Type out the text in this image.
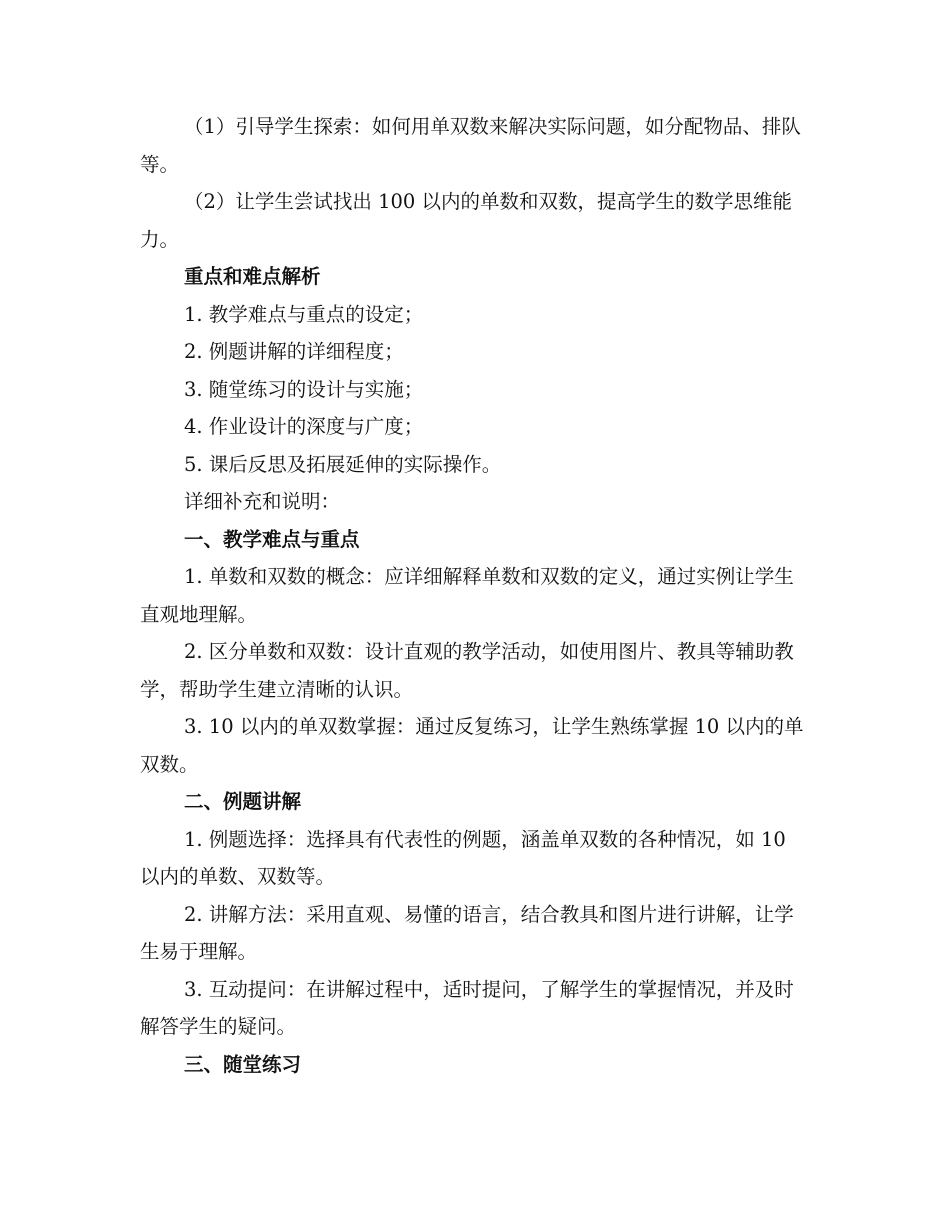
（1）引导学生探索：如何用单双数来解决实际问题，如分配物品、排队等。

（2）让学生尝试找出 100 以内的单数和双数，提高学生的数学思维能力。

重点和难点解析

1. 教学难点与重点的设定；

2. 例题讲解的详细程度；

3. 随堂练习的设计与实施；

4. 作业设计的深度与广度；

5. 课后反思及拓展延伸的实际操作。

详细补充和说明：

一、教学难点与重点

1. 单数和双数的概念：应详细解释单数和双数的定义，通过实例让学生直观地理解。

2. 区分单数和双数：设计直观的教学活动，如使用图片、教具等辅助教学，帮助学生建立清晰的认识。

3. 10 以内的单双数掌握：通过反复练习，让学生熟练掌握 10 以内的单双数。

二、例题讲解

1. 例题选择：选择具有代表性的例题，涵盖单双数的各种情况，如 10 以内的单数、双数等。

2. 讲解方法：采用直观、易懂的语言，结合教具和图片进行讲解，让学生易于理解。

3. 互动提问：在讲解过程中，适时提问，了解学生的掌握情况，并及时解答学生的疑问。

三、随堂练习
